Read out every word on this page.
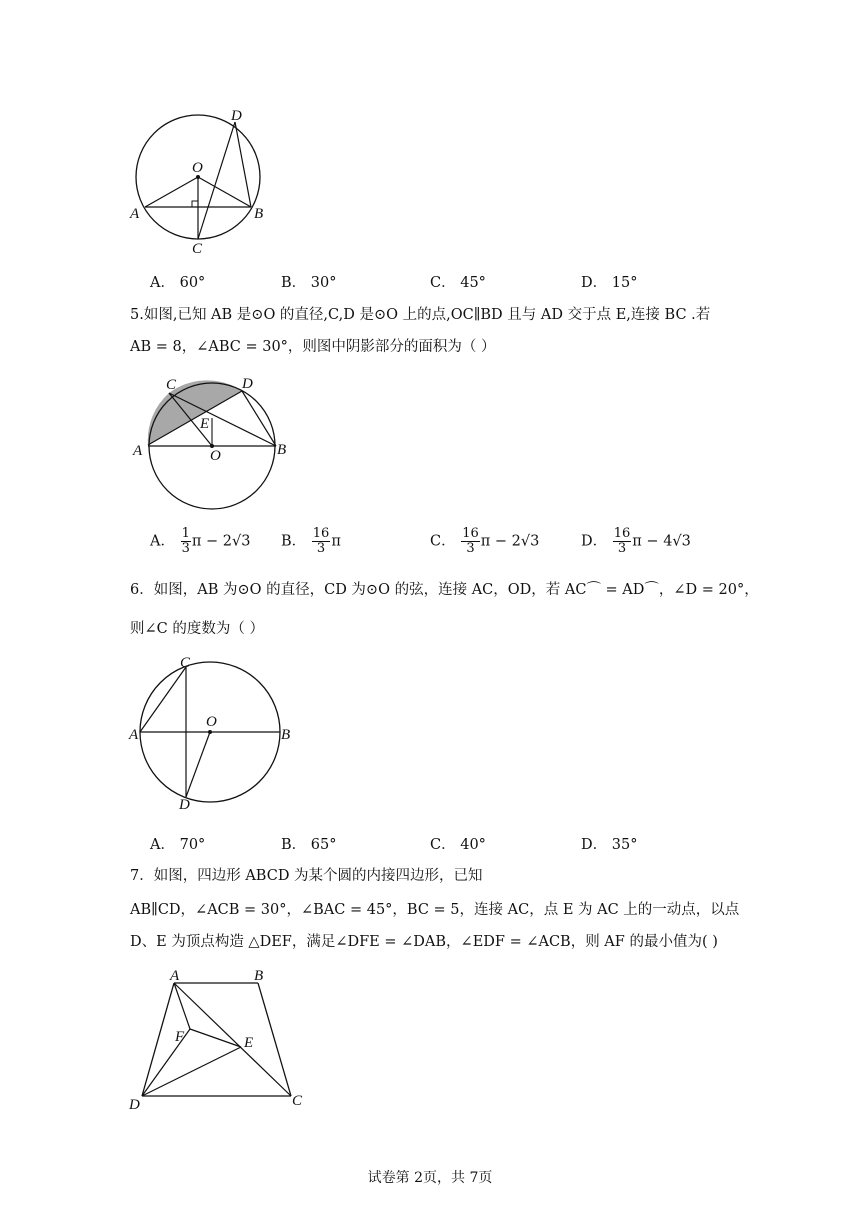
D
O
A	B
C
A． 60°	B． 30°	C． 45°	D． 15°
5.如图,已知 AB 是⊙O 的直径,C,D 是⊙O 上的点,OC∥BD 且与 AD 交于点 E,连接 BC .若
AB = 8，∠ABC = 30°，则图中阴影部分的面积为（ ）
C	D
E
A	O	B
A． $\frac{1}{3}$ π − 2√3 B． $\frac{16}{3}$ π	C． $\frac{16}{3}$ π − 2√3	D． $\frac{16}{3}$ π − 4√3
6．如图，AB 为⊙O 的直径，CD 为⊙O 的弦，连接 AC，OD，若 AC⌒ = AD⌒，∠D = 20°，
则∠C 的度数为（ ）
C
A
O
B
D
A． 70°	B． 65°	C． 40°	D． 35°
7．如图，四边形 ABCD 为某个圆的内接四边形，已知
AB∥CD，∠ACB = 30°，∠BAC = 45°，BC = 5，连接 AC，点 E 为 AC 上的一动点，以点
D、E 为顶点构造 △DEF，满足∠DFE = ∠DAB，∠EDF = ∠ACB，则 AF 的最小值为( )
A	B
F	E
D	C
试卷第 2页，共 7页
